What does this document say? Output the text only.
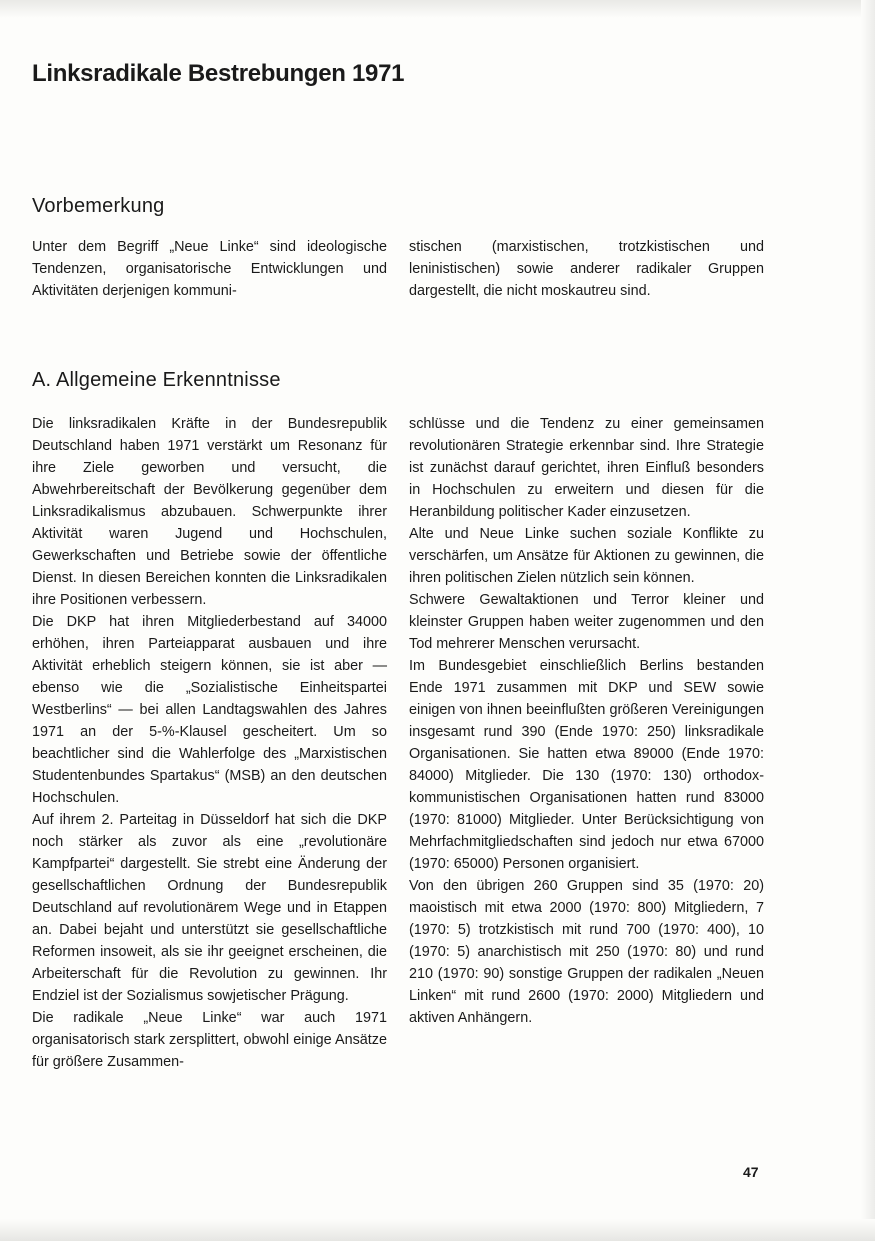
Linksradikale Bestrebungen 1971
Vorbemerkung

Unter dem Begriff „Neue Linke“ sind ideologische Tendenzen, organisatorische Entwicklungen und Aktivitäten derjenigen kommuni-

stischen (marxistischen, trotzkistischen und leninistischen) sowie anderer radikaler Gruppen dargestellt, die nicht moskautreu sind.

A. Allgemeine Erkenntnisse

Die linksradikalen Kräfte in der Bundesrepublik Deutschland haben 1971 verstärkt um Resonanz für ihre Ziele geworben und versucht, die Abwehrbereitschaft der Bevölkerung gegenüber dem Linksradikalismus abzubauen. Schwerpunkte ihrer Aktivität waren Jugend und Hochschulen, Gewerkschaften und Betriebe sowie der öffentliche Dienst. In diesen Bereichen konnten die Linksradikalen ihre Positionen verbessern.

Die DKP hat ihren Mitgliederbestand auf 34000 erhöhen, ihren Parteiapparat ausbauen und ihre Aktivität erheblich steigern können, sie ist aber — ebenso wie die „Sozialistische Einheitspartei Westberlins“ — bei allen Landtagswahlen des Jahres 1971 an der 5-%-Klausel gescheitert. Um so beachtlicher sind die Wahlerfolge des „Marxistischen Studentenbundes Spartakus“ (MSB) an den deutschen Hochschulen.

Auf ihrem 2. Parteitag in Düsseldorf hat sich die DKP noch stärker als zuvor als eine „revolutionäre Kampfpartei“ dargestellt. Sie strebt eine Änderung der gesellschaftlichen Ordnung der Bundesrepublik Deutschland auf revolutionärem Wege und in Etappen an. Dabei bejaht und unterstützt sie gesellschaftliche Reformen insoweit, als sie ihr geeignet erscheinen, die Arbeiterschaft für die Revolution zu gewinnen. Ihr Endziel ist der Sozialismus sowjetischer Prägung.

Die radikale „Neue Linke“ war auch 1971 organisatorisch stark zersplittert, obwohl einige Ansätze für größere Zusammen-

schlüsse und die Tendenz zu einer gemeinsamen revolutionären Strategie erkennbar sind. Ihre Strategie ist zunächst darauf gerichtet, ihren Einfluß besonders in Hochschulen zu erweitern und diesen für die Heranbildung politischer Kader einzusetzen.

Alte und Neue Linke suchen soziale Konflikte zu verschärfen, um Ansätze für Aktionen zu gewinnen, die ihren politischen Zielen nützlich sein können.

Schwere Gewaltaktionen und Terror kleiner und kleinster Gruppen haben weiter zugenommen und den Tod mehrerer Menschen verursacht.

Im Bundesgebiet einschließlich Berlins bestanden Ende 1971 zusammen mit DKP und SEW sowie einigen von ihnen beeinflußten größeren Vereinigungen insgesamt rund 390 (Ende 1970: 250) linksradikale Organisationen. Sie hatten etwa 89000 (Ende 1970: 84000) Mitglieder. Die 130 (1970: 130) orthodox-kommunistischen Organisationen hatten rund 83000 (1970: 81000) Mitglieder. Unter Berücksichtigung von Mehrfachmitgliedschaften sind jedoch nur etwa 67000 (1970: 65000) Personen organisiert.

Von den übrigen 260 Gruppen sind 35 (1970: 20) maoistisch mit etwa 2000 (1970: 800) Mitgliedern, 7 (1970: 5) trotzkistisch mit rund 700 (1970: 400), 10 (1970: 5) anarchistisch mit 250 (1970: 80) und rund 210 (1970: 90) sonstige Gruppen der radikalen „Neuen Linken“ mit rund 2600 (1970: 2000) Mitgliedern und aktiven Anhängern.

47
